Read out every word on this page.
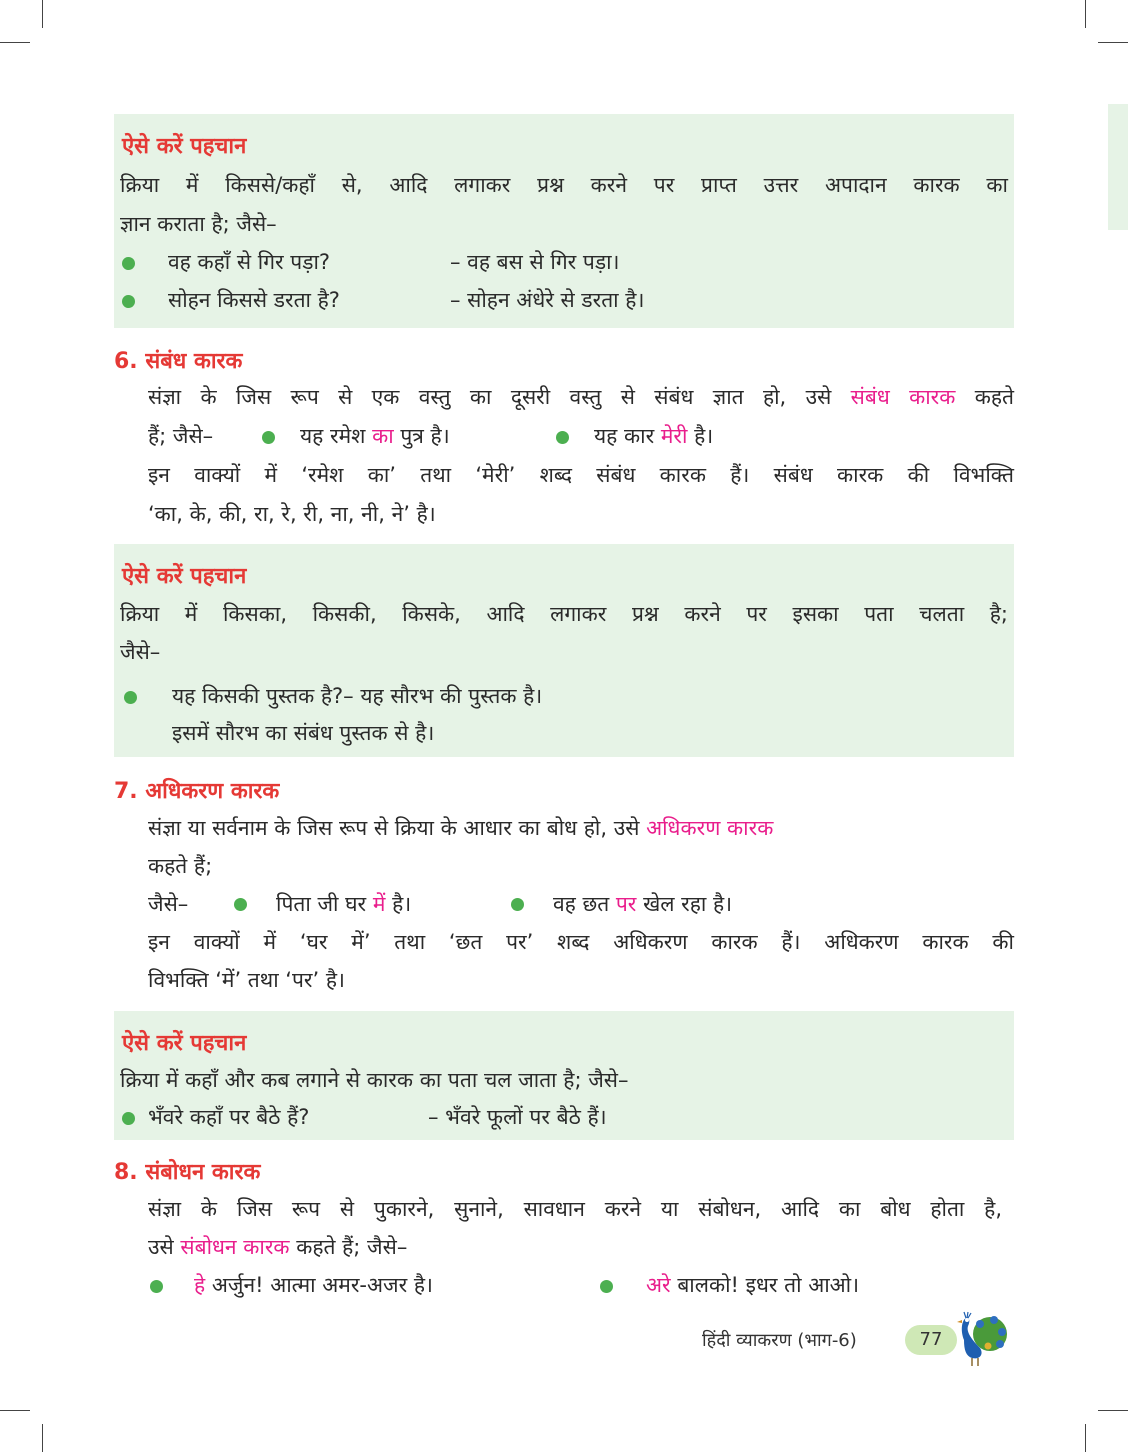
ऐसे करें पहचान
क्रिया में किससे/कहाँ से, आदि लगाकर प्रश्न करने पर प्राप्त उत्तर अपादान कारक का
ज्ञान कराता है; जैसे–
वह कहाँ से गिर पड़ा?	– वह बस से गिर पड़ा।
सोहन किससे डरता है?	– सोहन अंधेरे से डरता है।
6. संबंध कारक
संज्ञा के जिस रूप से एक वस्तु का दूसरी वस्तु से संबंध ज्ञात हो, उसे संबंध कारक कहते
हैं; जैसे–	यह रमेश का पुत्र है।	यह कार मेरी है।
इन वाक्यों में ‘रमेश का’ तथा ‘मेरी’ शब्द संबंध कारक हैं। संबंध कारक की विभक्ति
‘का, के, की, रा, रे, री, ना, नी, ने’ है।
ऐसे करें पहचान
क्रिया में किसका, किसकी, किसके, आदि लगाकर प्रश्न करने पर इसका पता चलता है;
जैसे–
यह किसकी पुस्तक है?– यह सौरभ की पुस्तक है।
इसमें सौरभ का संबंध पुस्तक से है।
7. अधिकरण कारक
संज्ञा या सर्वनाम के जिस रूप से क्रिया के आधार का बोध हो, उसे अधिकरण कारक
कहते हैं;
जैसे–	पिता जी घर में है।	वह छत पर खेल रहा है।
इन वाक्यों में ‘घर में’ तथा ‘छत पर’ शब्द अधिकरण कारक हैं। अधिकरण कारक की
विभक्ति ‘में’ तथा ‘पर’ है।
ऐसे करें पहचान
क्रिया में कहाँ और कब लगाने से कारक का पता चल जाता है; जैसे–
भँवरे कहाँ पर बैठे हैं?	– भँवरे फूलों पर बैठे हैं।
8. संबोधन कारक
संज्ञा के जिस रूप से पुकारने, सुनाने, सावधान करने या संबोधन, आदि का बोध होता है,
उसे संबोधन कारक कहते हैं; जैसे–
हे अर्जुन! आत्मा अमर-अजर है।	अरे बालको! इधर तो आओ।
हिंदी व्याकरण (भाग-6)	77
